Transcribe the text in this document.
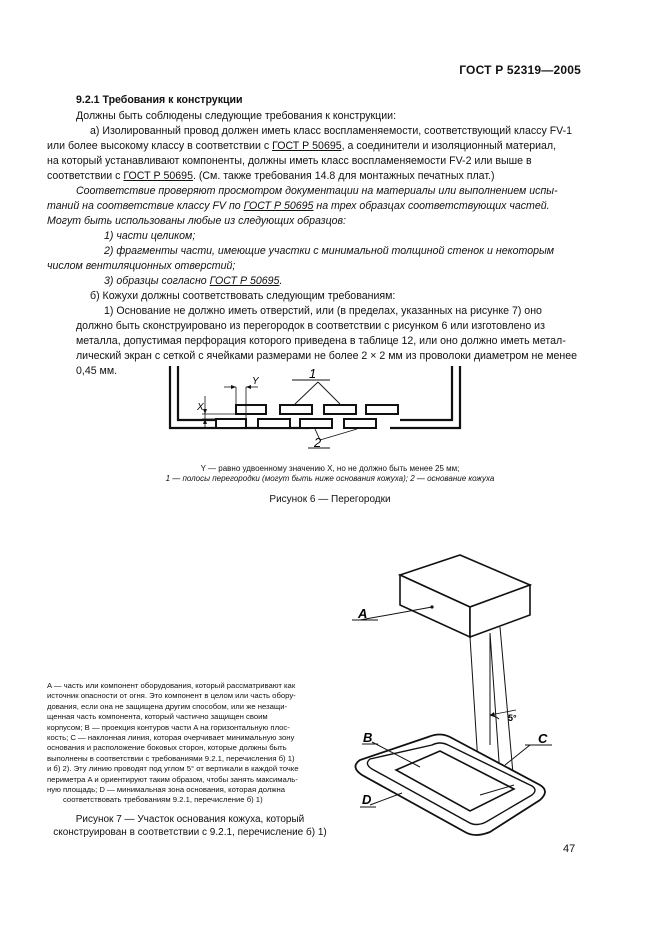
ГОСТ Р 52319—2005
9.2.1 Требования к конструкции
Должны быть соблюдены следующие требования к конструкции:
а) Изолированный провод должен иметь класс воспламеняемости, соответствующий классу FV-1
или более высокому классу в соответствии с ГОСТ Р 50695, а соединители и изоляционный материал,
на который устанавливают компоненты, должны иметь класс воспламеняемости FV-2 или выше в
соответствии с ГОСТ Р 50695. (См. также требования 14.8 для монтажных печатных плат.)
Соответствие проверяют просмотром документации на материалы или выполнением испы-
таний на соответствие классу FV по ГОСТ Р 50695 на трех образцах соответствующих частей.
Могут быть использованы любые из следующих образцов:
1) части целиком;
2) фрагменты части, имеющие участки с минимальной толщиной стенок и некоторым
числом вентиляционных отверстий;
3) образцы согласно ГОСТ Р 50695.
б) Кожухи должны соответствовать следующим требованиям:
1) Основание не должно иметь отверстий, или (в пределах, указанных на рисунке 7) оно
должно быть сконструировано из перегородок в соответствии с рисунком 6 или изготовлено из
металла, допустимая перфорация которого приведена в таблице 12, или оно должно иметь метал-
лический экран с сеткой с ячейками размерами не более 2 × 2 мм из проволоки диаметром не менее
0,45 мм.
X
Y
1
2
Y — равно удвоенному значению X, но не должно быть менее 25 мм;
1 — полосы перегородки (могут быть ниже основания кожуха); 2 — основание кожуха
Рисунок 6 — Перегородки
5°
A
B	C
D
A — часть или компонент оборудования, который рассматривают как
источник опасности от огня. Это компонент в целом или часть обору-
дования, если она не защищена другим способом, или же незащи-
щенная часть компонента, который частично защищен своим
корпусом; B — проекция контуров части A на горизонтальную плос-
кость; C — наклонная линия, которая очерчивает минимальную зону
основания и расположение боковых сторон, которые должны быть
выполнены в соответствии с требованиями 9.2.1, перечисления б) 1)
и б) 2). Эту линию проводят под углом 5° от вертикали в каждой точке
периметра A и ориентируют таким образом, чтобы занять максималь-
ную площадь; D — минимальная зона основания, которая должна
соответствовать требованиям 9.2.1, перечисление б) 1)
Рисунок 7 — Участок основания кожуха, который
сконструирован в соответствии с 9.2.1, перечисление б) 1)
47
